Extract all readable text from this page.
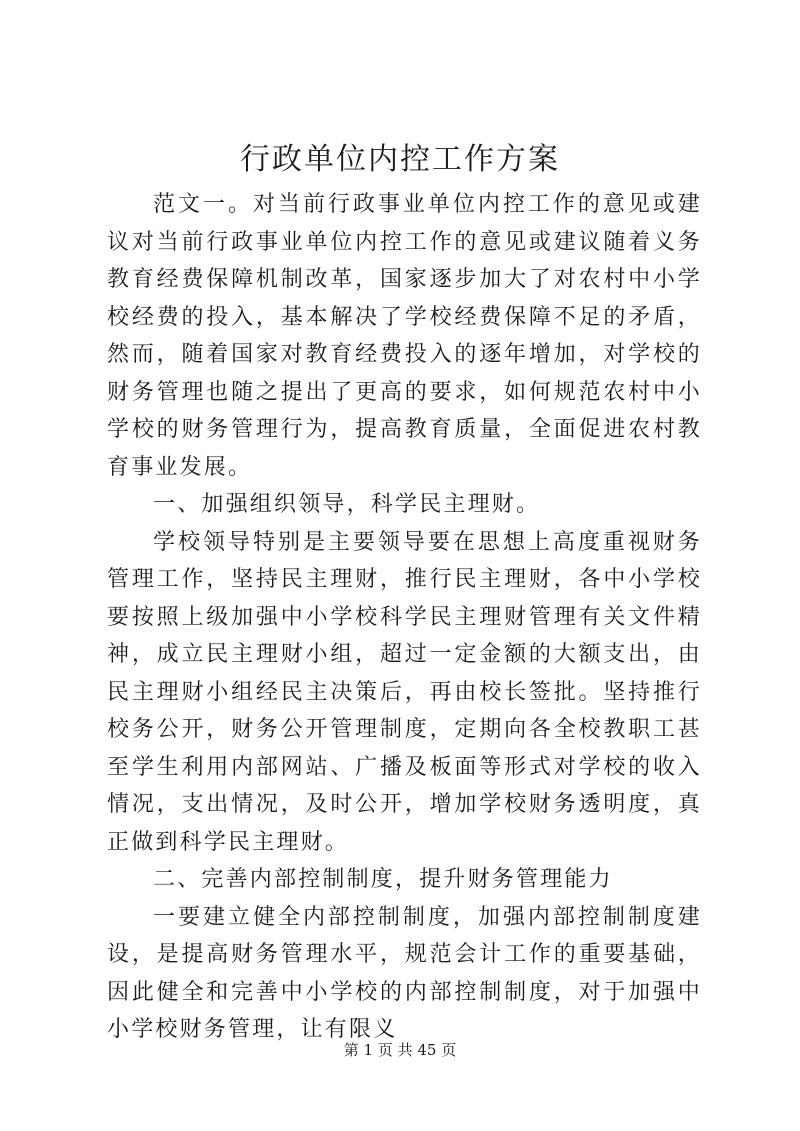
行政单位内控工作方案

范文一。对当前行政事业单位内控工作的意见或建议对当前行政事业单位内控工作的意见或建议随着义务教育经费保障机制改革，国家逐步加大了对农村中小学校经费的投入，基本解决了学校经费保障不足的矛盾，然而，随着国家对教育经费投入的逐年增加，对学校的财务管理也随之提出了更高的要求，如何规范农村中小学校的财务管理行为，提高教育质量，全面促进农村教育事业发展。

一、加强组织领导，科学民主理财。

学校领导特别是主要领导要在思想上高度重视财务管理工作，坚持民主理财，推行民主理财，各中小学校要按照上级加强中小学校科学民主理财管理有关文件精神，成立民主理财小组，超过一定金额的大额支出，由民主理财小组经民主决策后，再由校长签批。坚持推行校务公开，财务公开管理制度，定期向各全校教职工甚至学生利用内部网站、广播及板面等形式对学校的收入情况，支出情况，及时公开，增加学校财务透明度，真正做到科学民主理财。

二、完善内部控制制度，提升财务管理能力

一要建立健全内部控制制度，加强内部控制制度建设，是提高财务管理水平，规范会计工作的重要基础，因此健全和完善中小学校的内部控制制度，对于加强中小学校财务管理，让有限义

第 1 页 共 45 页
